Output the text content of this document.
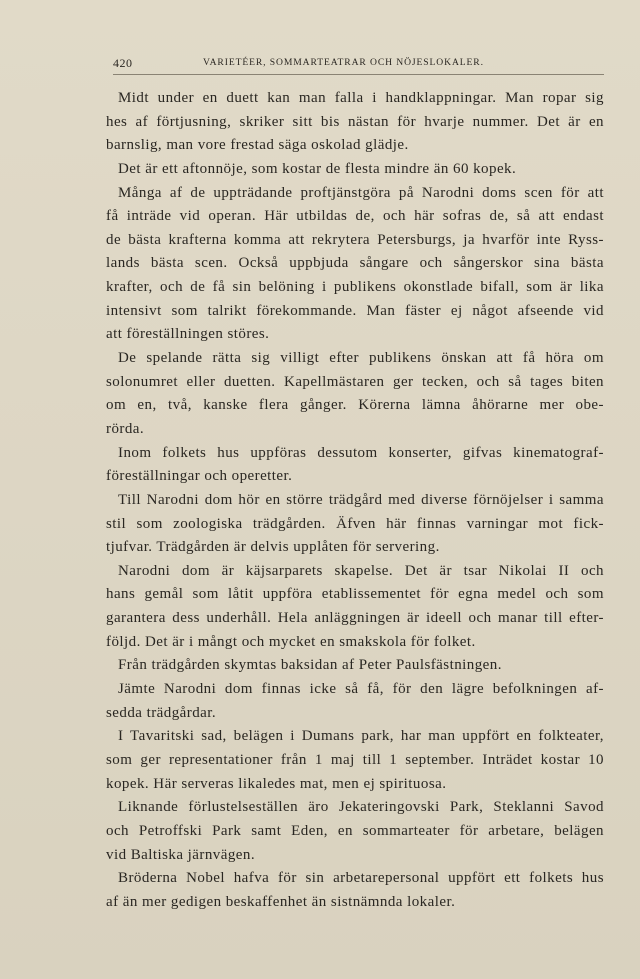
420	VARIETÉER, SOMMARTEATRAR OCH NÖJESLOKALER.
Midt under en duett kan man falla i handklappningar. Man ropar sig
hes af förtjusning, skriker sitt bis nästan för hvarje nummer. Det är en
barnslig, man vore frestad säga oskolad glädje.
Det är ett aftonnöje, som kostar de flesta mindre än 60 kopek.
Många af de uppträdande proftjänstgöra på Narodni doms scen för att
få inträde vid operan. Här utbildas de, och här sofras de, så att endast
de bästa krafterna komma att rekrytera Petersburgs, ja hvarför inte Ryss-
lands bästa scen. Också uppbjuda sångare och sångerskor sina bästa
krafter, och de få sin belöning i publikens okonstlade bifall, som är lika
intensivt som talrikt förekommande. Man fäster ej något afseende vid
att föreställningen störes.
De spelande rätta sig villigt efter publikens önskan att få höra om
solonumret eller duetten. Kapellmästaren ger tecken, och så tages biten
om en, två, kanske flera gånger. Körerna lämna åhörarne mer obe-
rörda.
Inom folkets hus uppföras dessutom konserter, gifvas kinematograf-
föreställningar och operetter.
Till Narodni dom hör en större trädgård med diverse förnöjelser i samma
stil som zoologiska trädgården. Äfven här finnas varningar mot fick-
tjufvar. Trädgården är delvis upplåten för servering.
Narodni dom är käjsarparets skapelse. Det är tsar Nikolai II och
hans gemål som låtit uppföra etablissementet för egna medel och som
garantera dess underhåll. Hela anläggningen är ideell och manar till efter-
följd. Det är i mångt och mycket en smakskola för folket.
Från trädgården skymtas baksidan af Peter Paulsfästningen.
Jämte Narodni dom finnas icke så få, för den lägre befolkningen af-
sedda trädgårdar.
I Tavaritski sad, belägen i Dumans park, har man uppfört en folkteater,
som ger representationer från 1 maj till 1 september. Inträdet kostar 10
kopek. Här serveras likaledes mat, men ej spirituosa.
Liknande förlustelseställen äro Jekateringovski Park, Steklanni Savod
och Petroffski Park samt Eden, en sommarteater för arbetare, belägen
vid Baltiska järnvägen.
Bröderna Nobel hafva för sin arbetarepersonal uppfört ett folkets hus
af än mer gedigen beskaffenhet än sistnämnda lokaler.
